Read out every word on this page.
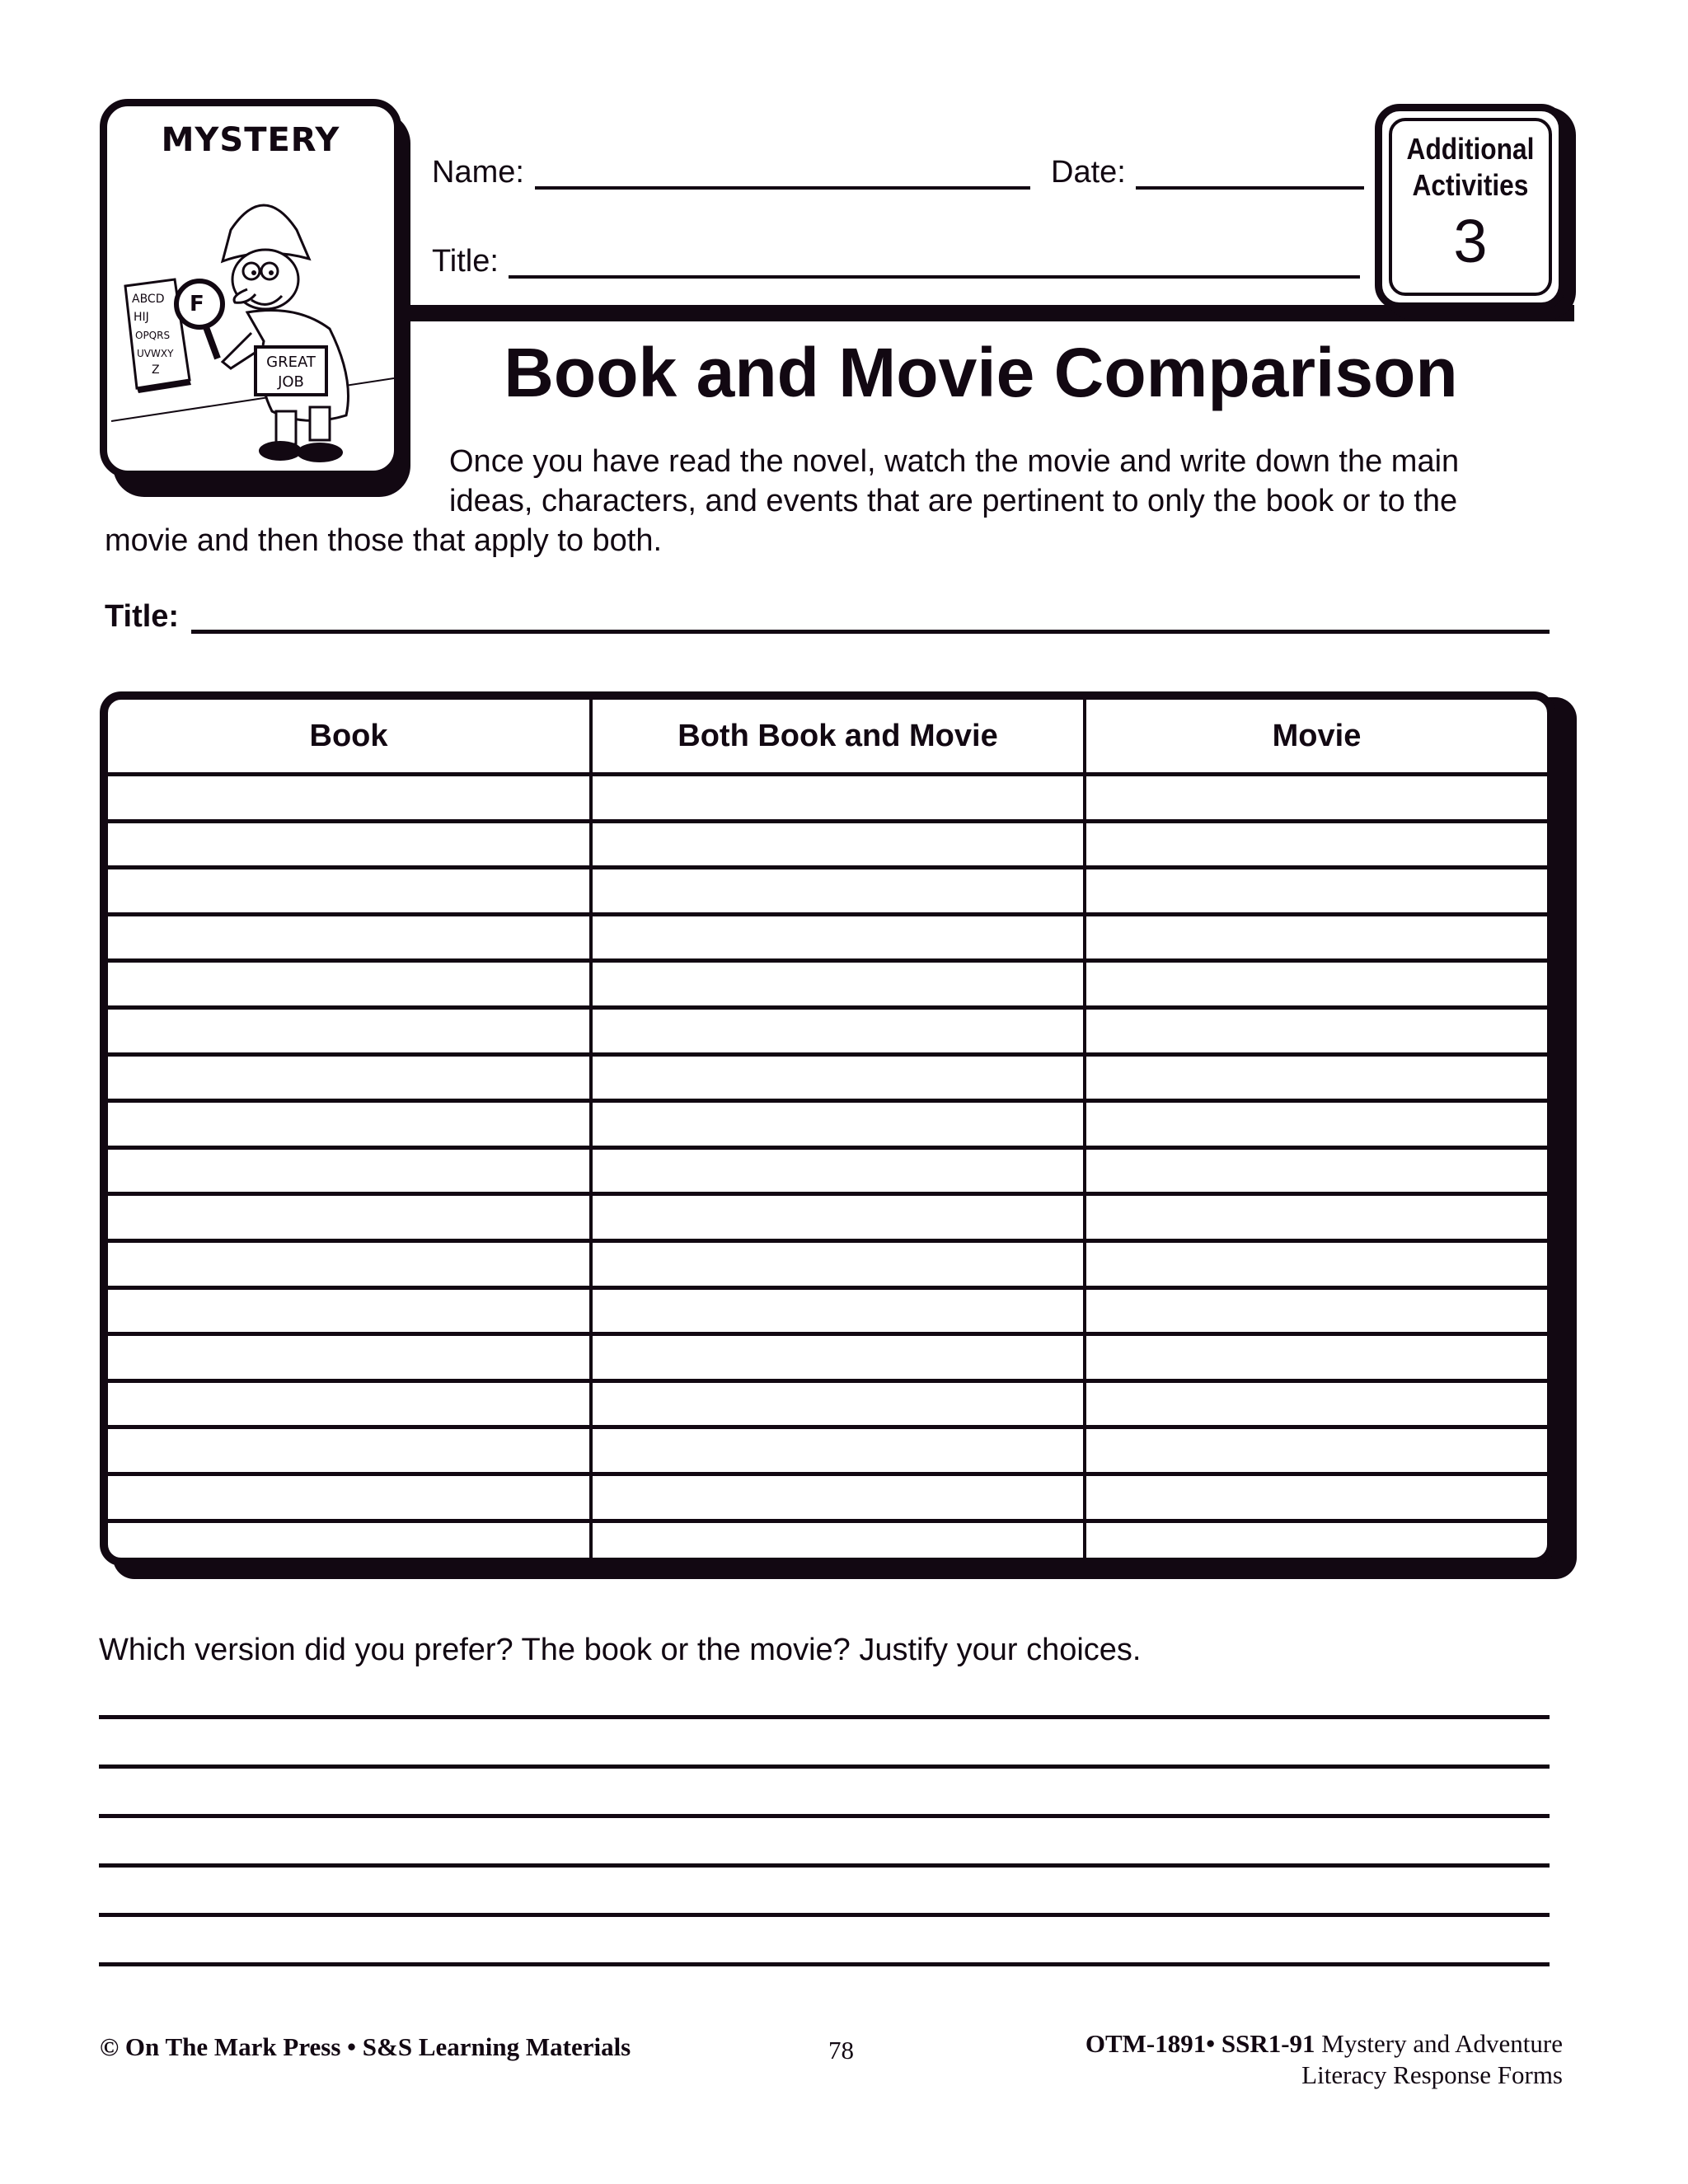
MYSTERY
ABCD
HIJ
OPQRS
UVWXY
Z
F
GREAT
JOB
Name:	Date:
Title:
Additional
Activities
3
Book and Movie Comparison
Once you have read the novel, watch the movie and write down the main
ideas, characters, and events that are pertinent to only the book or to the
movie and then those that apply to both.
Title:
Book	Both Book and Movie	Movie
Which version did you prefer? The book or the movie? Justify your choices.
© On The Mark Press • S&S Learning Materials	78	OTM-1891• SSR1-91 Mystery and Adventure
Literacy Response Forms
